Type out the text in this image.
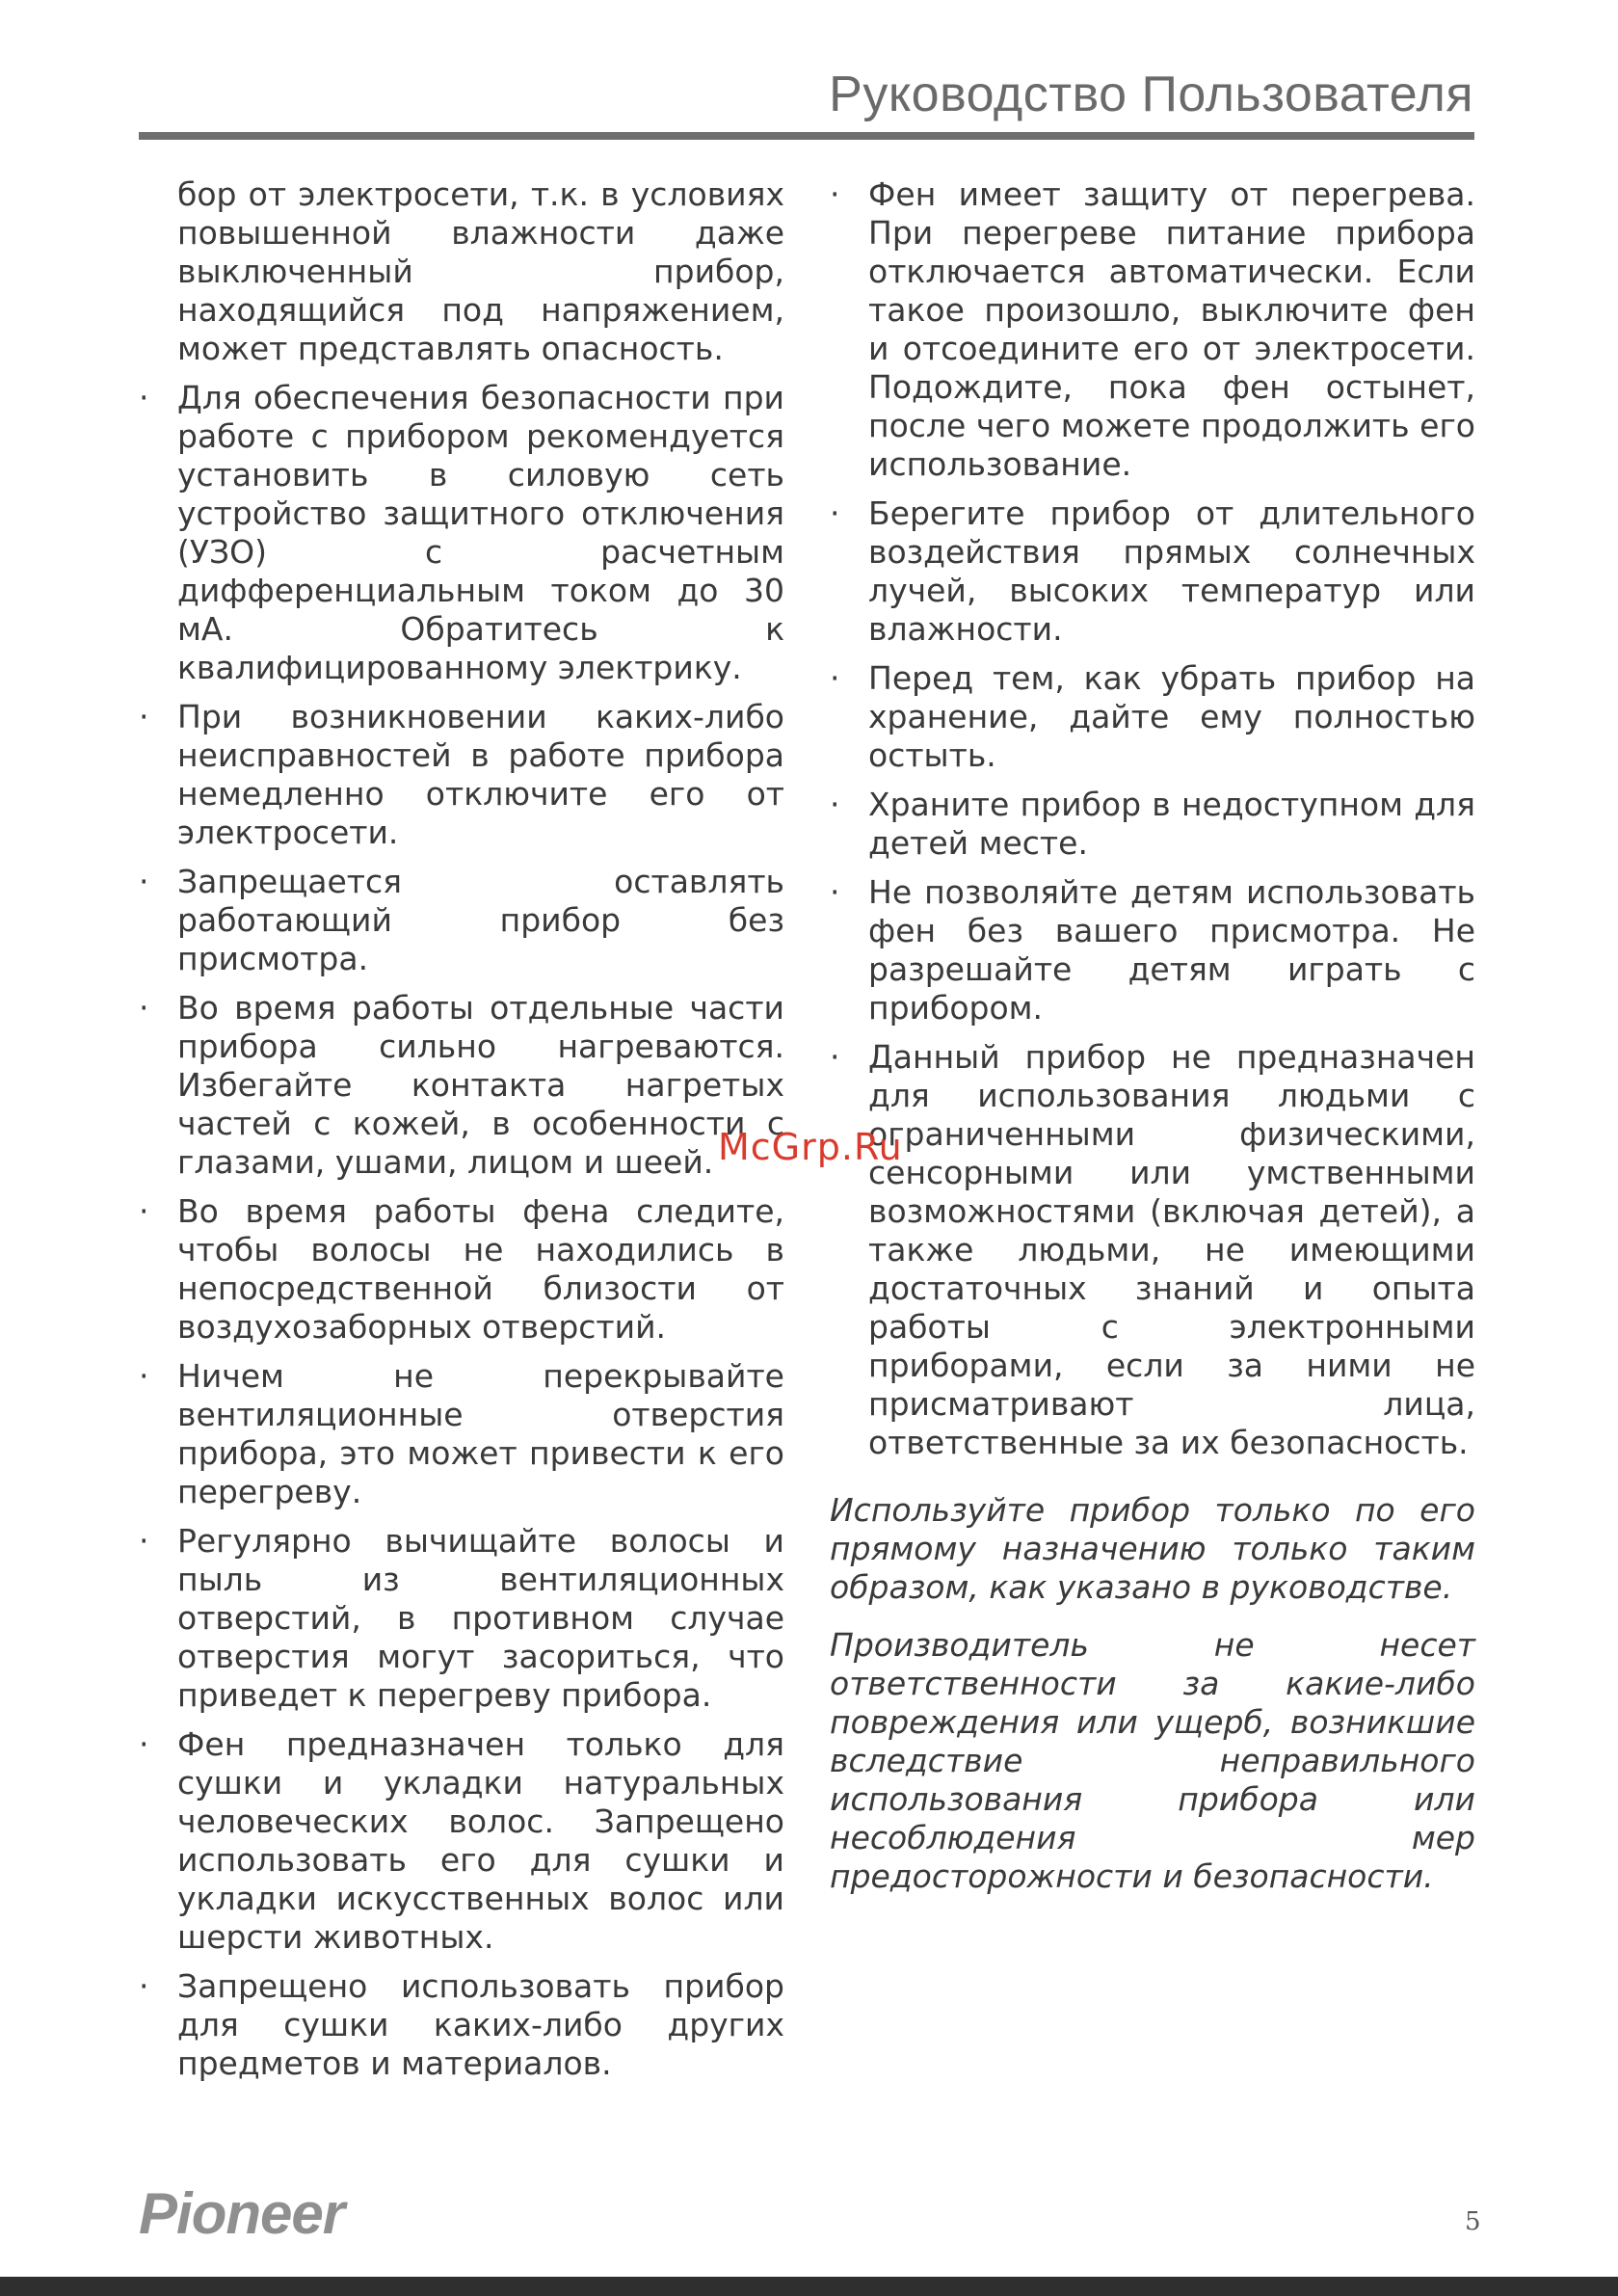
Руководство Пользователя

бор от электросети, т.к. в условиях повышенной влажности даже выключенный прибор, находящийся под напряжением, может представлять опасность.

· Для обеспечения безопасности при работе с прибором рекомендуется установить в силовую сеть устройство защитного отключения (УЗО) с расчетным дифференциальным током до 30 мА. Обратитесь к квалифицированному электрику.

· При возникновении каких-либо неисправностей в работе прибора немедленно отключите его от электросети.

· Запрещается оставлять работающий прибор без присмотра.

· Во время работы отдельные части прибора сильно нагреваются. Избегайте контакта нагретых частей с кожей, в особенности с глазами, ушами, лицом и шеей.

· Во время работы фена следите, чтобы волосы не находились в непосредственной близости от воздухозаборных отверстий.

· Ничем не перекрывайте вентиляционные отверстия прибора, это может привести к его перегреву.

· Регулярно вычищайте волосы и пыль из вентиляционных отверстий, в противном случае отверстия могут засориться, что приведет к перегреву прибора.

· Фен предназначен только для сушки и укладки натуральных человеческих волос. Запрещено использовать его для сушки и укладки искусственных волос или шерсти животных.

· Запрещено использовать прибор для сушки каких-либо других предметов и материалов.

· Фен имеет защиту от перегрева. При перегреве питание прибора отключается автоматически. Если такое произошло, выключите фен и отсоедините его от электросети. Подождите, пока фен остынет, после чего можете продолжить его использование.

· Берегите прибор от длительного воздействия прямых солнечных лучей, высоких температур или влажности.

· Перед тем, как убрать прибор на хранение, дайте ему полностью остыть.

· Храните прибор в недоступном для детей месте.

· Не позволяйте детям использовать фен без вашего присмотра. Не разрешайте детям играть с прибором.

· Данный прибор не предназначен для использования людьми с ограниченными физическими, сенсорными или умственными возможностями (включая детей), а также людьми, не имеющими достаточных знаний и опыта работы с электронными приборами, если за ними не присматривают лица, ответственные за их безопасность.

Используйте прибор только по его прямому назначению только таким образом, как указано в руководстве.

Производитель не несет ответственности за какие-либо повреждения или ущерб, возникшие вследствие неправильного использования прибора или несоблюдения мер предосторожности и безопасности.

McGrp.Ru
Pioneer	5
